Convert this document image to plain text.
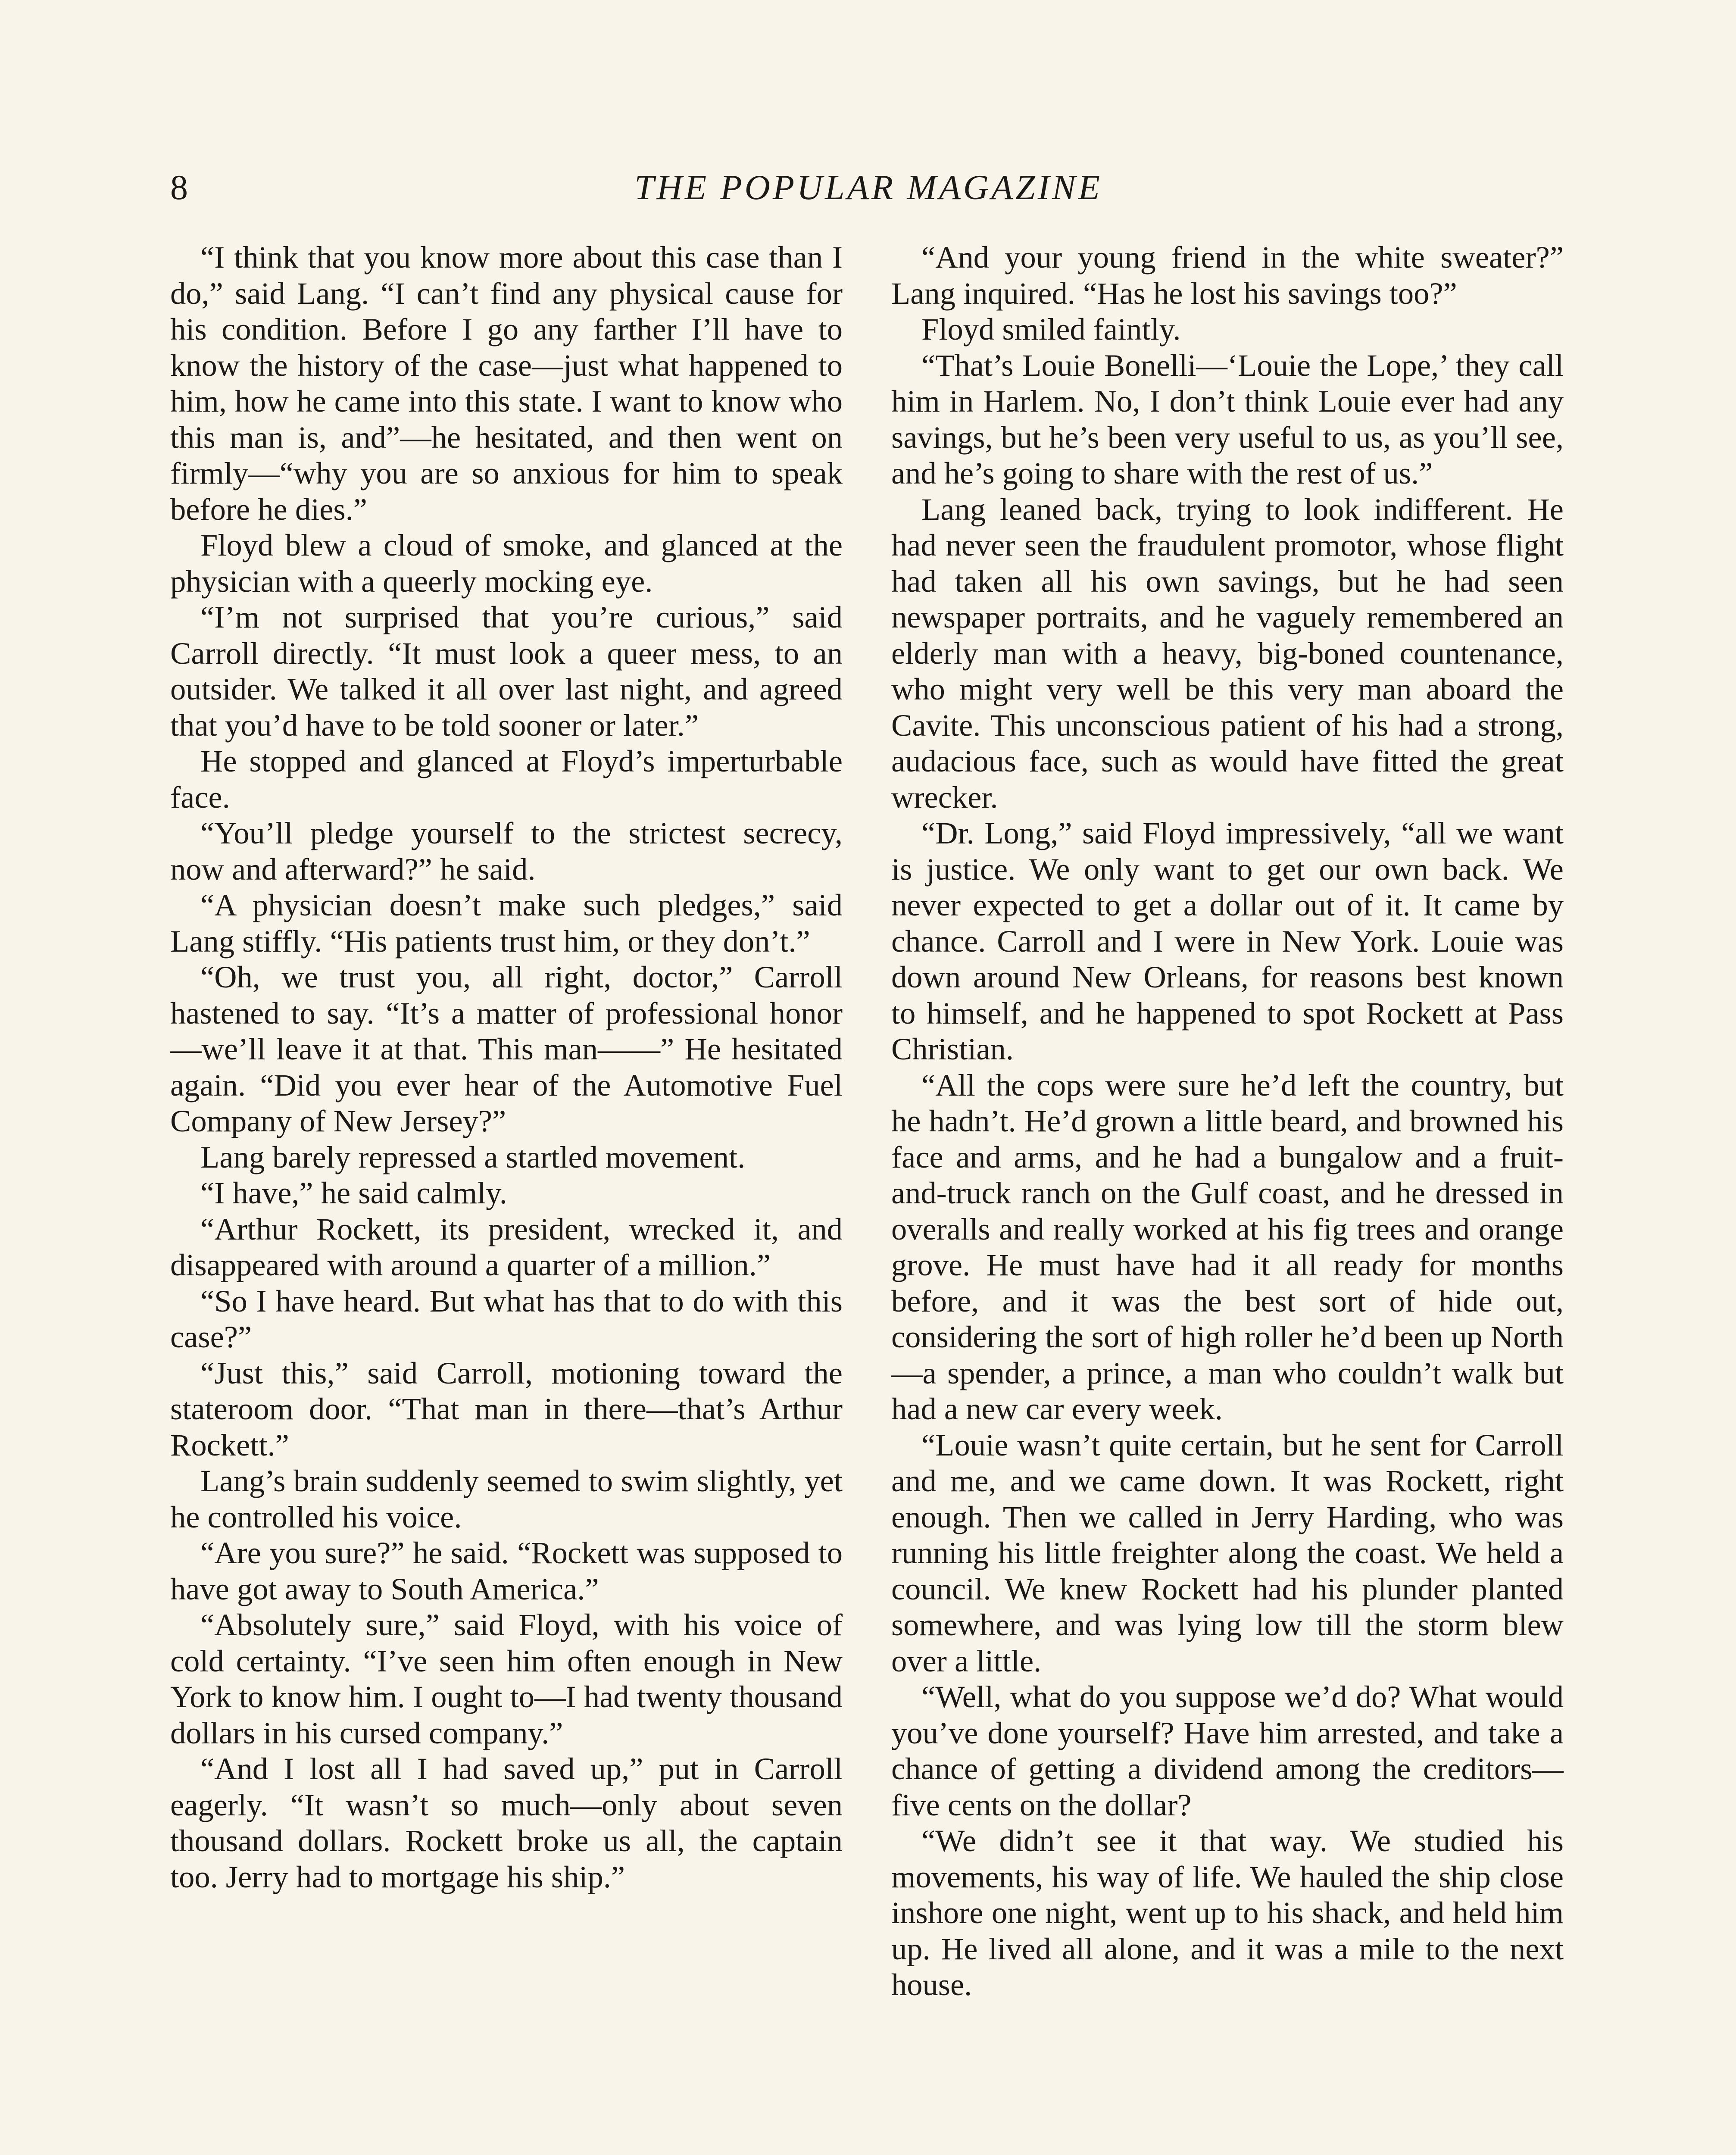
8	THE POPULAR MAGAZINE

“I think that you know more about this case than I do,” said Lang. “I can’t find any physical cause for his condition. Before I go any farther I’ll have to know the history of the case—just what happened to him, how he came into this state. I want to know who this man is, and”—he hesitated, and then went on firmly—“why you are so anxious for him to speak before he dies.”

Floyd blew a cloud of smoke, and glanced at the physician with a queerly mocking eye.

“I’m not surprised that you’re curious,” said Carroll directly. “It must look a queer mess, to an outsider. We talked it all over last night, and agreed that you’d have to be told sooner or later.”

He stopped and glanced at Floyd’s imperturbable face.

“You’ll pledge yourself to the strictest secrecy, now and afterward?” he said.

“A physician doesn’t make such pledges,” said Lang stiffly. “His patients trust him, or they don’t.”

“Oh, we trust you, all right, doctor,” Carroll hastened to say. “It’s a matter of professional honor—we’ll leave it at that. This man——” He hesitated again. “Did you ever hear of the Automotive Fuel Company of New Jersey?”

Lang barely repressed a startled movement.

“I have,” he said calmly.

“Arthur Rockett, its president, wrecked it, and disappeared with around a quarter of a million.”

“So I have heard. But what has that to do with this case?”

“Just this,” said Carroll, motioning toward the stateroom door. “That man in there—that’s Arthur Rockett.”

Lang’s brain suddenly seemed to swim slightly, yet he controlled his voice.

“Are you sure?” he said. “Rockett was supposed to have got away to South America.”

“Absolutely sure,” said Floyd, with his voice of cold certainty. “I’ve seen him often enough in New York to know him. I ought to—I had twenty thousand dollars in his cursed company.”

“And I lost all I had saved up,” put in Carroll eagerly. “It wasn’t so much—only about seven thousand dollars. Rockett broke us all, the captain too. Jerry had to mortgage his ship.”

“And your young friend in the white sweater?” Lang inquired. “Has he lost his savings too?”

Floyd smiled faintly.

“That’s Louie Bonelli—‘Louie the Lope,’ they call him in Harlem. No, I don’t think Louie ever had any savings, but he’s been very useful to us, as you’ll see, and he’s going to share with the rest of us.”

Lang leaned back, trying to look indifferent. He had never seen the fraudulent promotor, whose flight had taken all his own savings, but he had seen newspaper portraits, and he vaguely remembered an elderly man with a heavy, big-boned countenance, who might very well be this very man aboard the Cavite. This unconscious patient of his had a strong, audacious face, such as would have fitted the great wrecker.

“Dr. Long,” said Floyd impressively, “all we want is justice. We only want to get our own back. We never expected to get a dollar out of it. It came by chance. Carroll and I were in New York. Louie was down around New Orleans, for reasons best known to himself, and he happened to spot Rockett at Pass Christian.

“All the cops were sure he’d left the country, but he hadn’t. He’d grown a little beard, and browned his face and arms, and he had a bungalow and a fruit-and-truck ranch on the Gulf coast, and he dressed in overalls and really worked at his fig trees and orange grove. He must have had it all ready for months before, and it was the best sort of hide out, considering the sort of high roller he’d been up North—a spender, a prince, a man who couldn’t walk but had a new car every week.

“Louie wasn’t quite certain, but he sent for Carroll and me, and we came down. It was Rockett, right enough. Then we called in Jerry Harding, who was running his little freighter along the coast. We held a council. We knew Rockett had his plunder planted somewhere, and was lying low till the storm blew over a little.

“Well, what do you suppose we’d do? What would you’ve done yourself? Have him arrested, and take a chance of getting a dividend among the creditors—five cents on the dollar?

“We didn’t see it that way. We studied his movements, his way of life. We hauled the ship close inshore one night, went up to his shack, and held him up. He lived all alone, and it was a mile to the next house.
